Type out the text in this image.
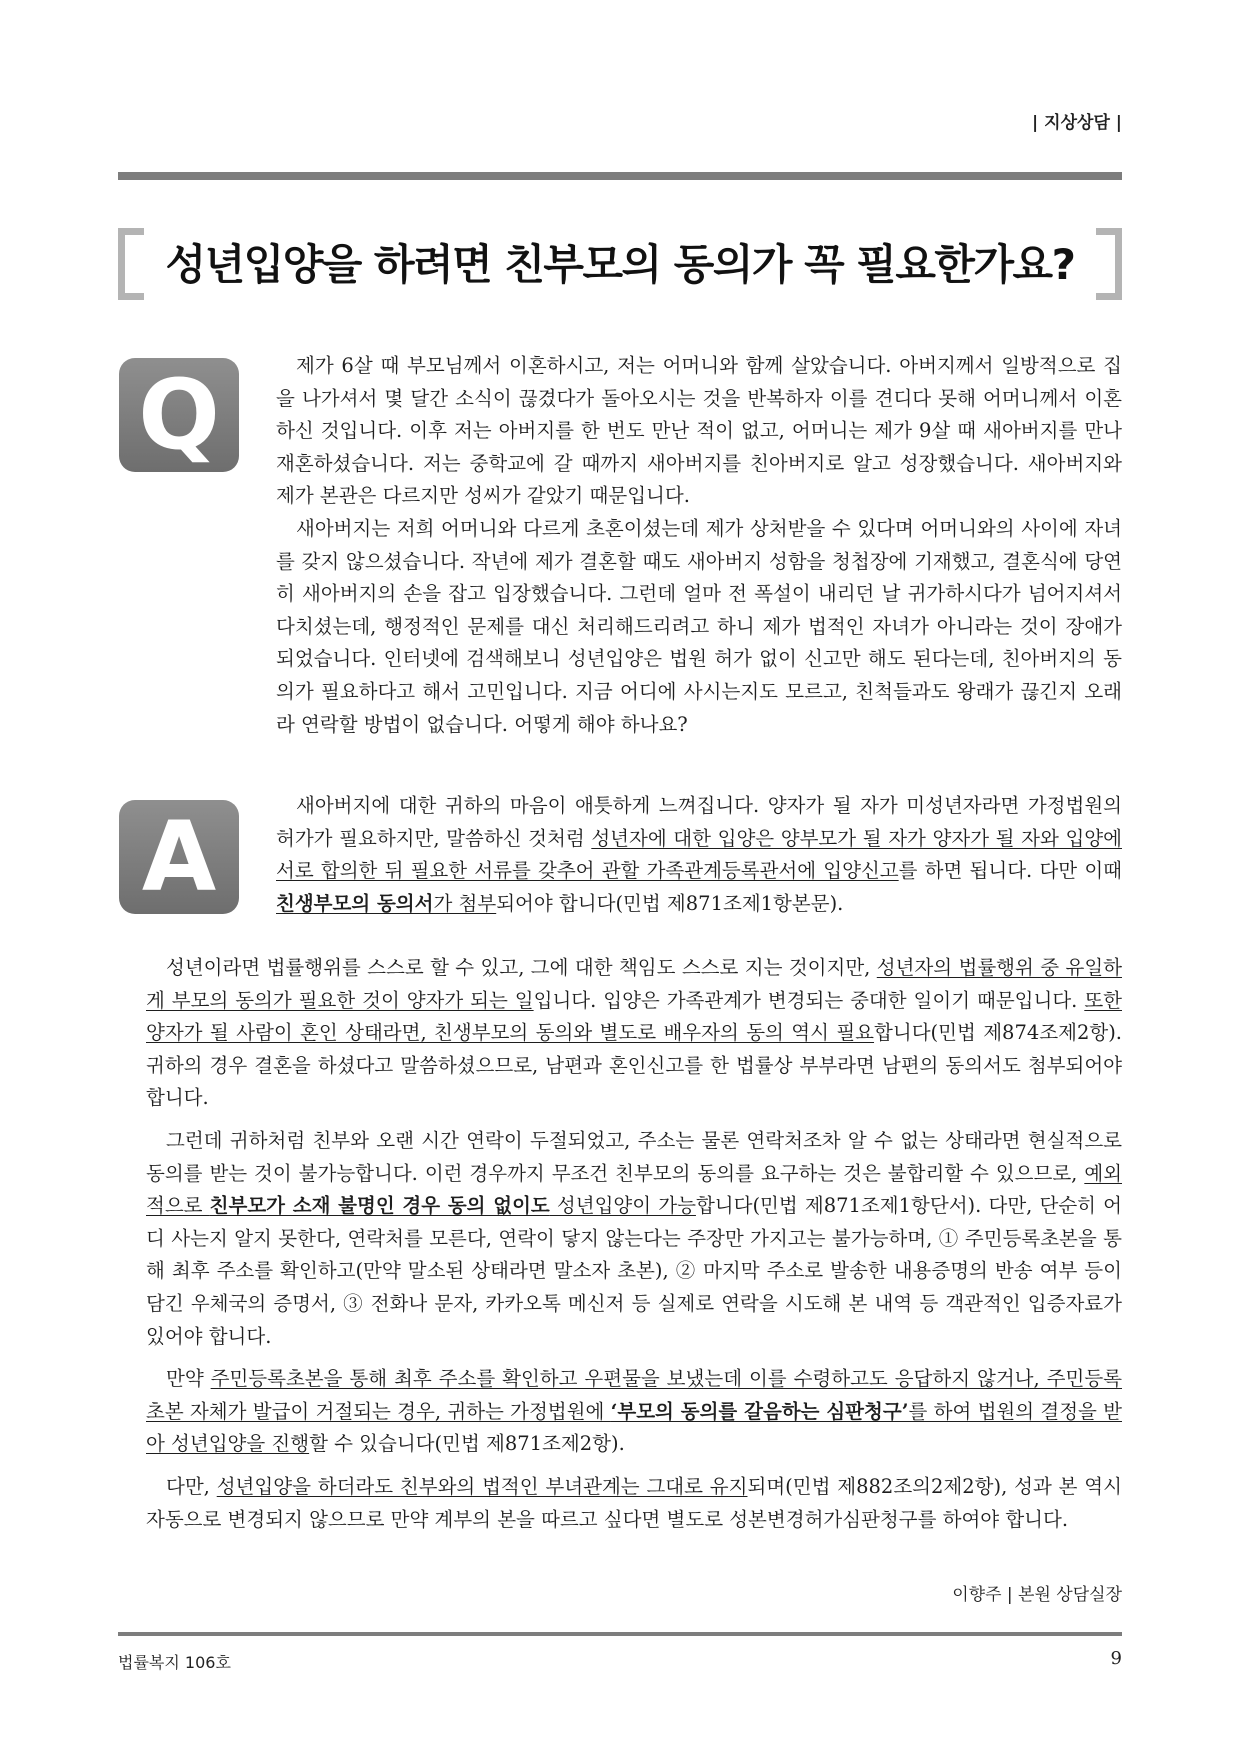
| 지상상담 |
성년입양을 하려면 친부모의 동의가 꼭 필요한가요?
Q	제가 6살 때 부모님께서 이혼하시고, 저는 어머니와 함께 살았습니다. 아버지께서 일방적으로 집을 나가셔서 몇 달간 소식이 끊겼다가 돌아오시는 것을 반복하자 이를 견디다 못해 어머니께서 이혼하신 것입니다. 이후 저는 아버지를 한 번도 만난 적이 없고, 어머니는 제가 9살 때 새아버지를 만나 재혼하셨습니다. 저는 중학교에 갈 때까지 새아버지를 친아버지로 알고 성장했습니다. 새아버지와 제가 본관은 다르지만 성씨가 같았기 때문입니다.

새아버지는 저희 어머니와 다르게 초혼이셨는데 제가 상처받을 수 있다며 어머니와의 사이에 자녀를 갖지 않으셨습니다. 작년에 제가 결혼할 때도 새아버지 성함을 청첩장에 기재했고, 결혼식에 당연히 새아버지의 손을 잡고 입장했습니다. 그런데 얼마 전 폭설이 내리던 날 귀가하시다가 넘어지셔서 다치셨는데, 행정적인 문제를 대신 처리해드리려고 하니 제가 법적인 자녀가 아니라는 것이 장애가 되었습니다. 인터넷에 검색해보니 성년입양은 법원 허가 없이 신고만 해도 된다는데, 친아버지의 동의가 필요하다고 해서 고민입니다. 지금 어디에 사시는지도 모르고, 친척들과도 왕래가 끊긴지 오래라 연락할 방법이 없습니다. 어떻게 해야 하나요?

A	새아버지에 대한 귀하의 마음이 애틋하게 느껴집니다. 양자가 될 자가 미성년자라면 가정법원의 허가가 필요하지만, 말씀하신 것처럼 성년자에 대한 입양은 양부모가 될 자가 양자가 될 자와 입양에 서로 합의한 뒤 필요한 서류를 갖추어 관할 가족관계등록관서에 입양신고를 하면 됩니다. 다만 이때 친생부모의 동의서가 첨부되어야 합니다(민법 제871조제1항본문).

성년이라면 법률행위를 스스로 할 수 있고, 그에 대한 책임도 스스로 지는 것이지만, 성년자의 법률행위 중 유일하게 부모의 동의가 필요한 것이 양자가 되는 일입니다. 입양은 가족관계가 변경되는 중대한 일이기 때문입니다. 또한 양자가 될 사람이 혼인 상태라면, 친생부모의 동의와 별도로 배우자의 동의 역시 필요합니다(민법 제874조제2항). 귀하의 경우 결혼을 하셨다고 말씀하셨으므로, 남편과 혼인신고를 한 법률상 부부라면 남편의 동의서도 첨부되어야 합니다.

그런데 귀하처럼 친부와 오랜 시간 연락이 두절되었고, 주소는 물론 연락처조차 알 수 없는 상태라면 현실적으로 동의를 받는 것이 불가능합니다. 이런 경우까지 무조건 친부모의 동의를 요구하는 것은 불합리할 수 있으므로, 예외적으로 친부모가 소재 불명인 경우 동의 없이도 성년입양이 가능합니다(민법 제871조제1항단서). 다만, 단순히 어디 사는지 알지 못한다, 연락처를 모른다, 연락이 닿지 않는다는 주장만 가지고는 불가능하며, ① 주민등록초본을 통해 최후 주소를 확인하고(만약 말소된 상태라면 말소자 초본), ② 마지막 주소로 발송한 내용증명의 반송 여부 등이 담긴 우체국의 증명서, ③ 전화나 문자, 카카오톡 메신저 등 실제로 연락을 시도해 본 내역 등 객관적인 입증자료가 있어야 합니다.

만약 주민등록초본을 통해 최후 주소를 확인하고 우편물을 보냈는데 이를 수령하고도 응답하지 않거나, 주민등록초본 자체가 발급이 거절되는 경우, 귀하는 가정법원에 ‘부모의 동의를 갈음하는 심판청구’를 하여 법원의 결정을 받아 성년입양을 진행할 수 있습니다(민법 제871조제2항).

다만, 성년입양을 하더라도 친부와의 법적인 부녀관계는 그대로 유지되며(민법 제882조의2제2항), 성과 본 역시 자동으로 변경되지 않으므로 만약 계부의 본을 따르고 싶다면 별도로 성본변경허가심판청구를 하여야 합니다.

이향주 | 본원 상담실장
법률복지 106호	9
